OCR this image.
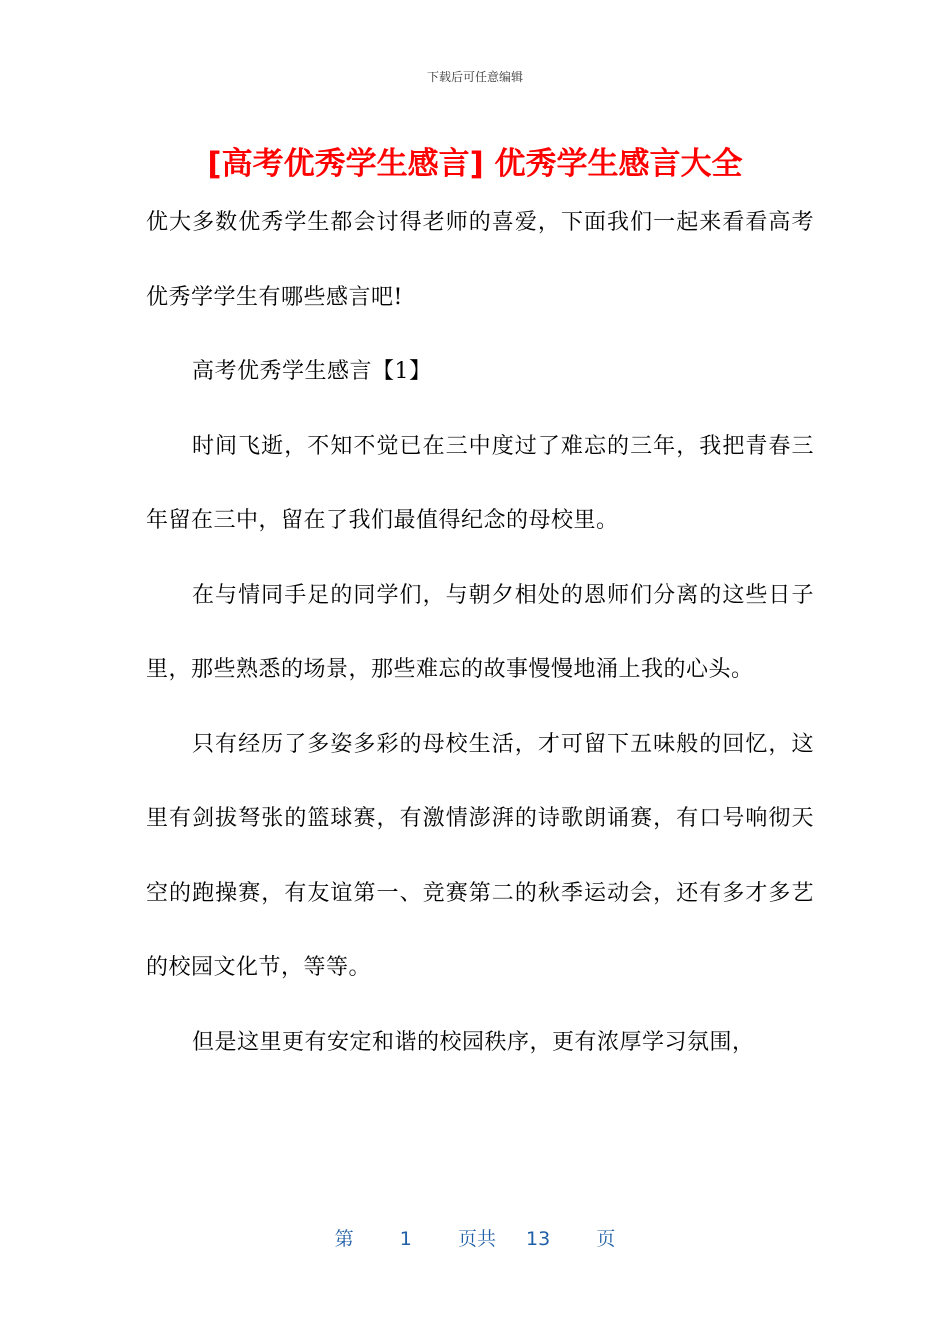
下载后可任意编辑
[高考优秀学生感言] 优秀学生感言大全

优大多数优秀学生都会讨得老师的喜爱，下面我们一起来看看高考优秀学学生有哪些感言吧!

高考优秀学生感言【1】

时间飞逝，不知不觉已在三中度过了难忘的三年，我把青春三年留在三中，留在了我们最值得纪念的母校里。

在与情同手足的同学们，与朝夕相处的恩师们分离的这些日子里，那些熟悉的场景，那些难忘的故事慢慢地涌上我的心头。

只有经历了多姿多彩的母校生活，才可留下五味般的回忆，这里有剑拔弩张的篮球赛，有激情澎湃的诗歌朗诵赛，有口号响彻天空的跑操赛，有友谊第一、竞赛第二的秋季运动会，还有多才多艺的校园文化节，等等。

但是这里更有安定和谐的校园秩序，更有浓厚学习氛围，

第 1 页共 13 页
